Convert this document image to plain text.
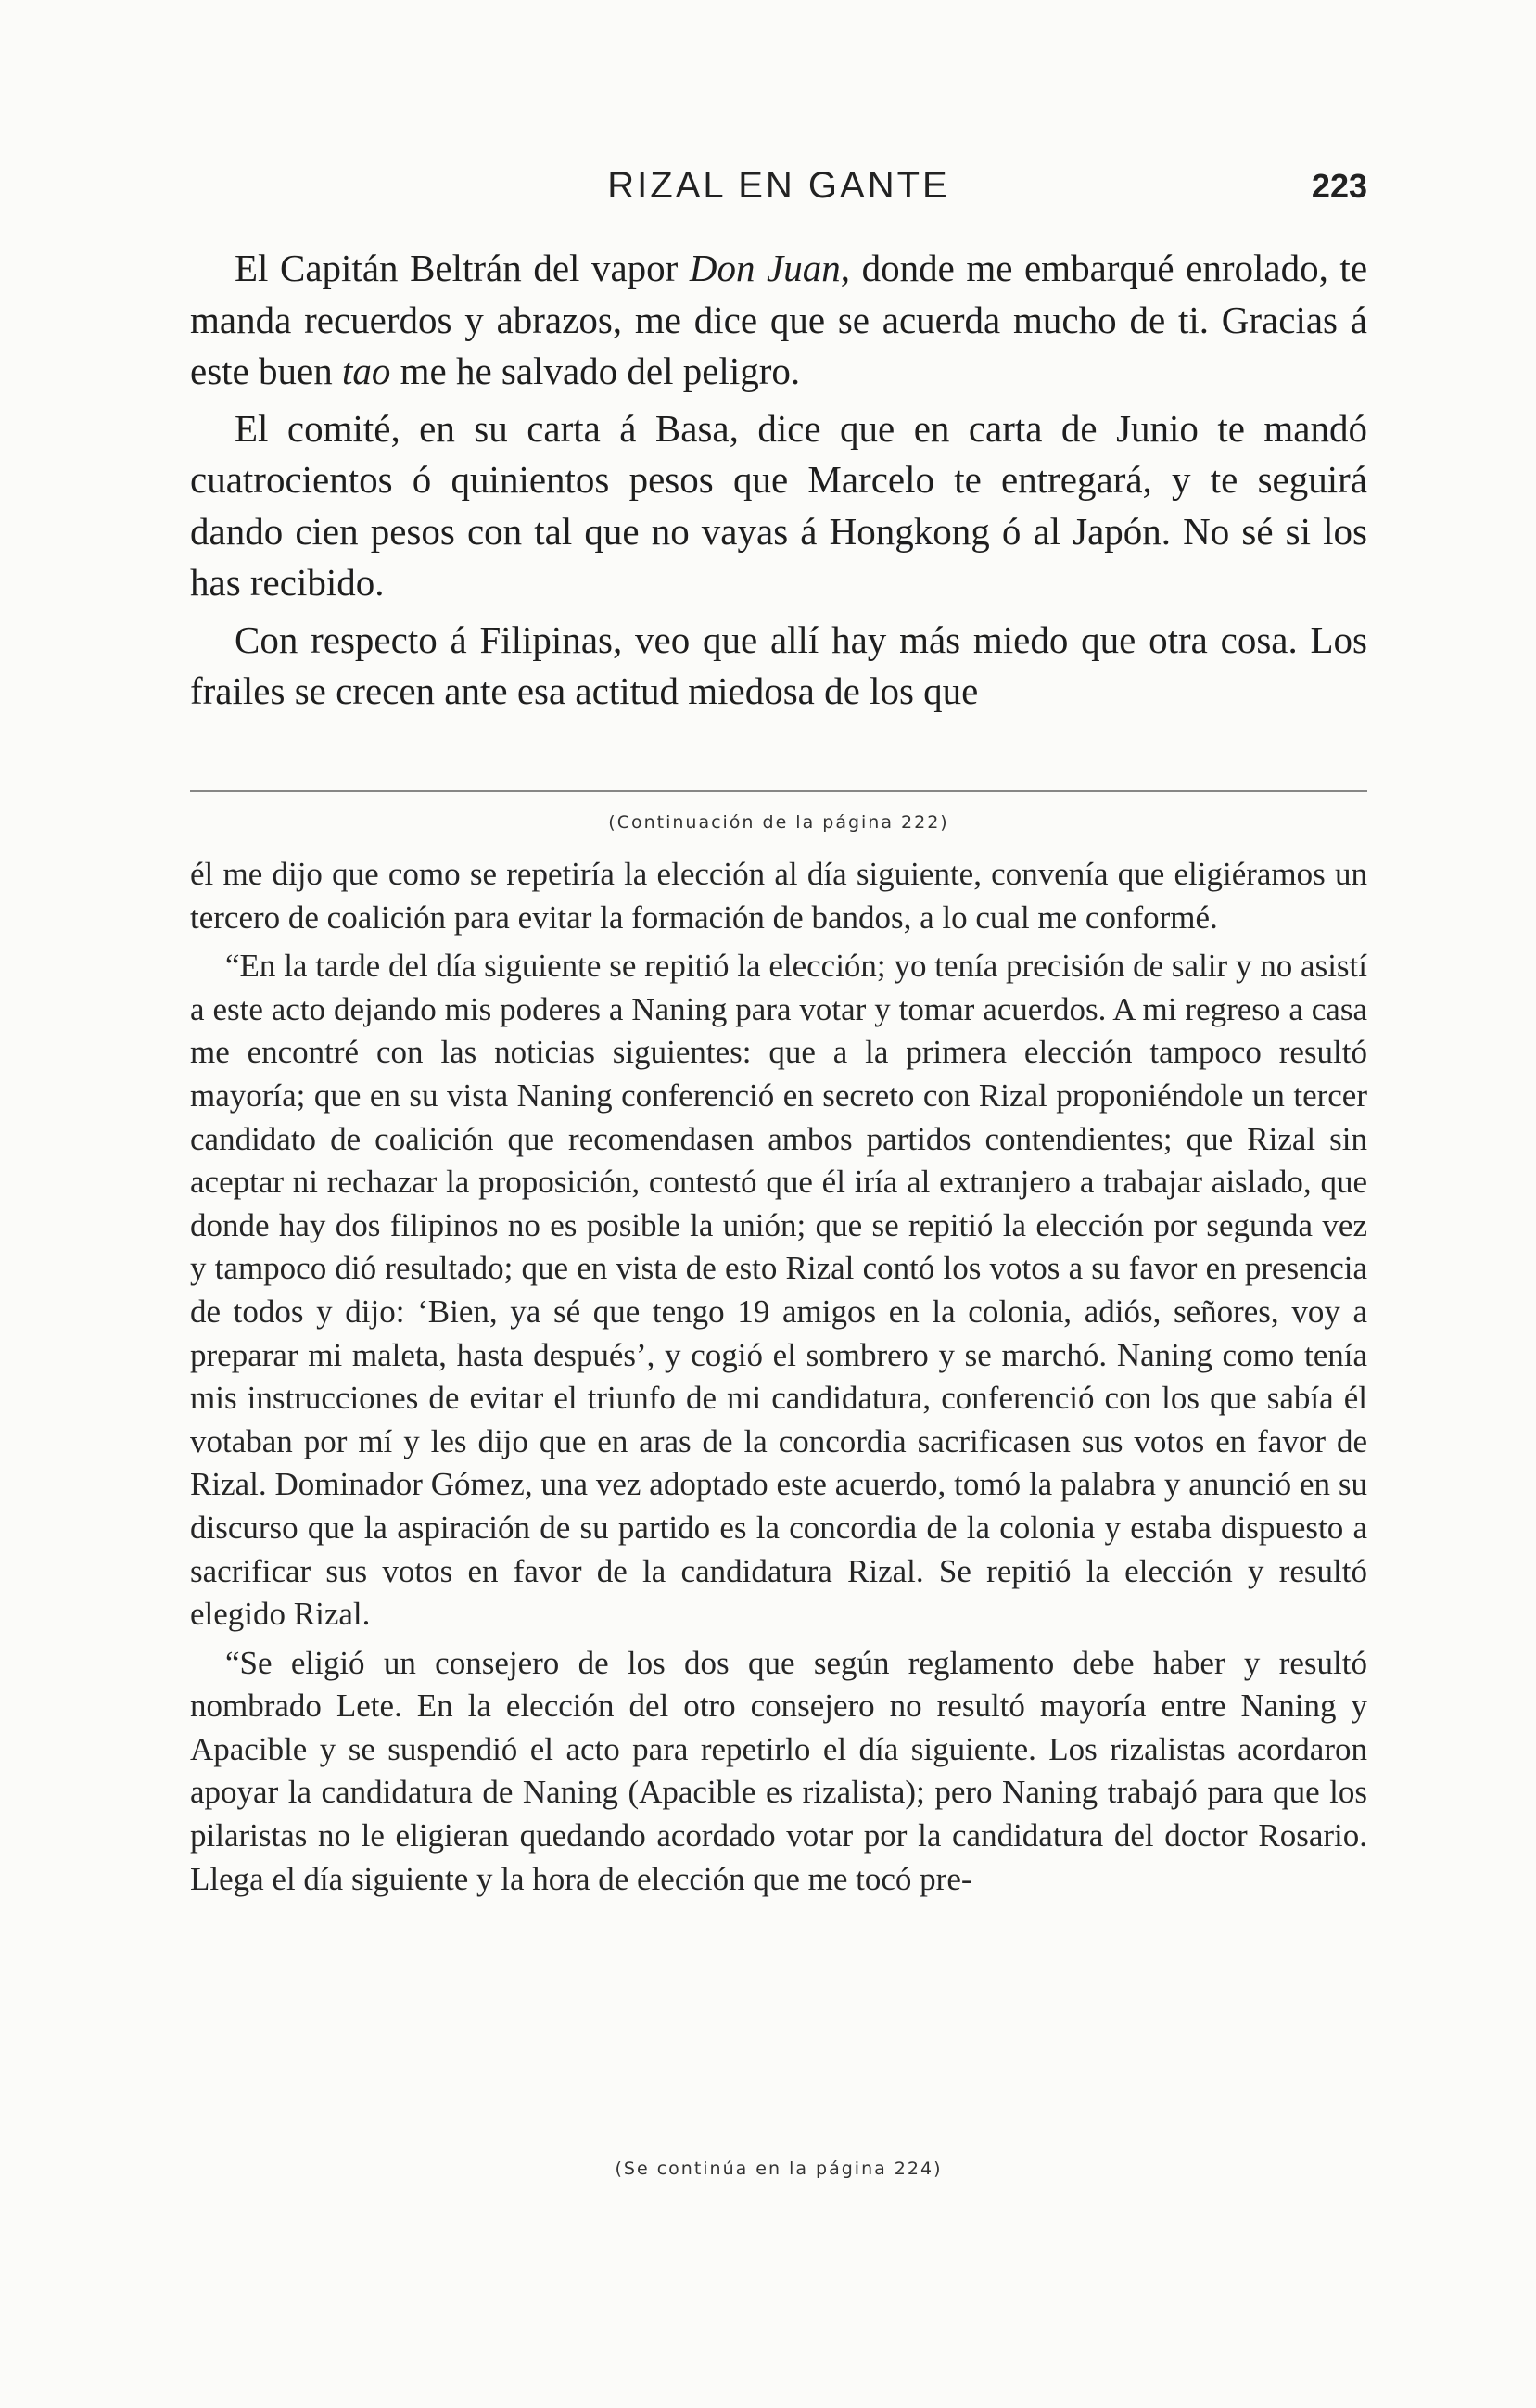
RIZAL EN GANTE	223

El Capitán Beltrán del vapor Don Juan, donde me embarqué enrolado, te manda recuerdos y abrazos, me dice que se acuerda mucho de ti. Gracias á este buen tao me he salvado del peligro.

El comité, en su carta á Basa, dice que en carta de Junio te mandó cuatrocientos ó quinientos pesos que Marcelo te entregará, y te seguirá dando cien pesos con tal que no vayas á Hongkong ó al Japón. No sé si los has recibido.

Con respecto á Filipinas, veo que allí hay más miedo que otra cosa. Los frailes se crecen ante esa actitud miedosa de los que

(Continuación de la página 222)

él me dijo que como se repetiría la elección al día siguiente, convenía que eligiéramos un tercero de coalición para evitar la formación de bandos, a lo cual me conformé.

“En la tarde del día siguiente se repitió la elección; yo tenía precisión de salir y no asistí a este acto dejando mis poderes a Naning para votar y tomar acuerdos. A mi regreso a casa me encontré con las noticias siguientes: que a la primera elección tampoco resultó mayoría; que en su vista Naning conferenció en secreto con Rizal proponiéndole un tercer candidato de coalición que recomendasen ambos partidos contendientes; que Rizal sin aceptar ni rechazar la proposición, contestó que él iría al extranjero a trabajar aislado, que donde hay dos filipinos no es posible la unión; que se repitió la elección por segunda vez y tampoco dió resultado; que en vista de esto Rizal contó los votos a su favor en presencia de todos y dijo: ‘Bien, ya sé que tengo 19 amigos en la colonia, adiós, señores, voy a preparar mi maleta, hasta después’, y cogió el sombrero y se marchó. Naning como tenía mis instrucciones de evitar el triunfo de mi candidatura, conferenció con los que sabía él votaban por mí y les dijo que en aras de la concordia sacrificasen sus votos en favor de Rizal. Dominador Gómez, una vez adoptado este acuerdo, tomó la palabra y anunció en su discurso que la aspiración de su partido es la concordia de la colonia y estaba dispuesto a sacrificar sus votos en favor de la candidatura Rizal. Se repitió la elección y resultó elegido Rizal.

“Se eligió un consejero de los dos que según reglamento debe haber y resultó nombrado Lete. En la elección del otro consejero no resultó mayoría entre Naning y Apacible y se suspendió el acto para repetirlo el día siguiente. Los rizalistas acordaron apoyar la candidatura de Naning (Apacible es rizalista); pero Naning trabajó para que los pilaristas no le eligieran quedando acordado votar por la candidatura del doctor Rosario. Llega el día siguiente y la hora de elección que me tocó pre-

(Se continúa en la página 224)
